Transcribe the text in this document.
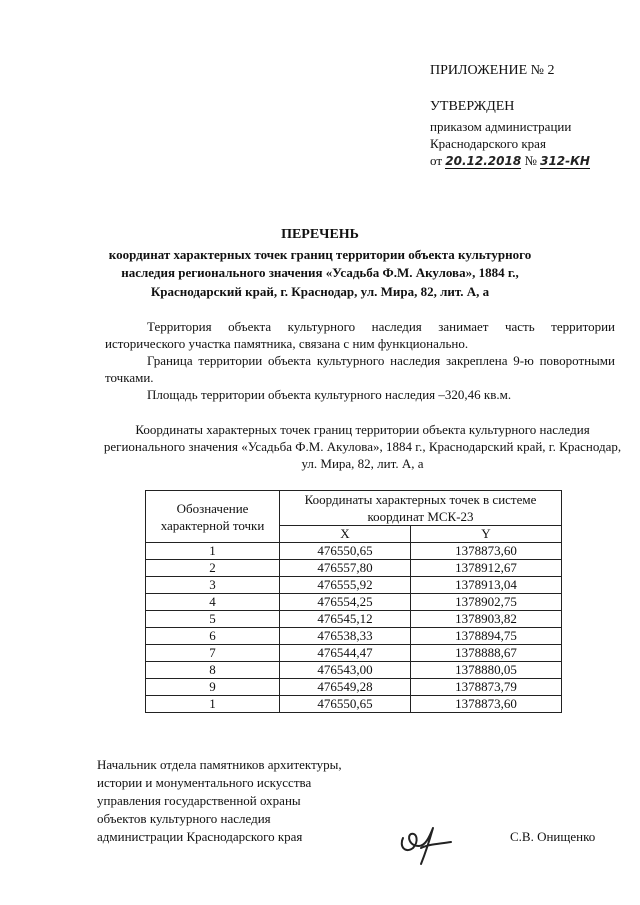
ПРИЛОЖЕНИЕ № 2
УТВЕРЖДЕН
приказом администрации
Краснодарского края
от 20.12.2018 № 312-КН
ПЕРЕЧЕНЬ
координат характерных точек границ территории объекта культурного
наследия регионального значения «Усадьба Ф.М. Акулова», 1884 г.,
Краснодарский край, г. Краснодар, ул. Мира, 82, лит. А, а
Территория объекта культурного наследия занимает часть территории исторического участка памятника, связана с ним функционально.
Граница территории объекта культурного наследия закреплена 9-ю поворотными точками.
Площадь территории объекта культурного наследия –320,46 кв.м.
Координаты характерных точек границ территории объекта культурного наследия регионального значения «Усадьба Ф.М. Акулова», 1884 г., Краснодарский край, г. Краснодар, ул. Мира, 82, лит. А, а
Обозначение характерной точки	Координаты характерных точек в системе координат МСК-23	
	X	Y
1	476550,65	1378873,60
2	476557,80	1378912,67
3	476555,92	1378913,04
4	476554,25	1378902,75
5	476545,12	1378903,82
6	476538,33	1378894,75
7	476544,47	1378888,67
8	476543,00	1378880,05
9	476549,28	1378873,79
1	476550,65	1378873,60
Начальник отдела памятников архитектуры,
истории и монументального искусства
управления государственной охраны
объектов культурного наследия
администрации Краснодарского края	С.В. Онищенко
